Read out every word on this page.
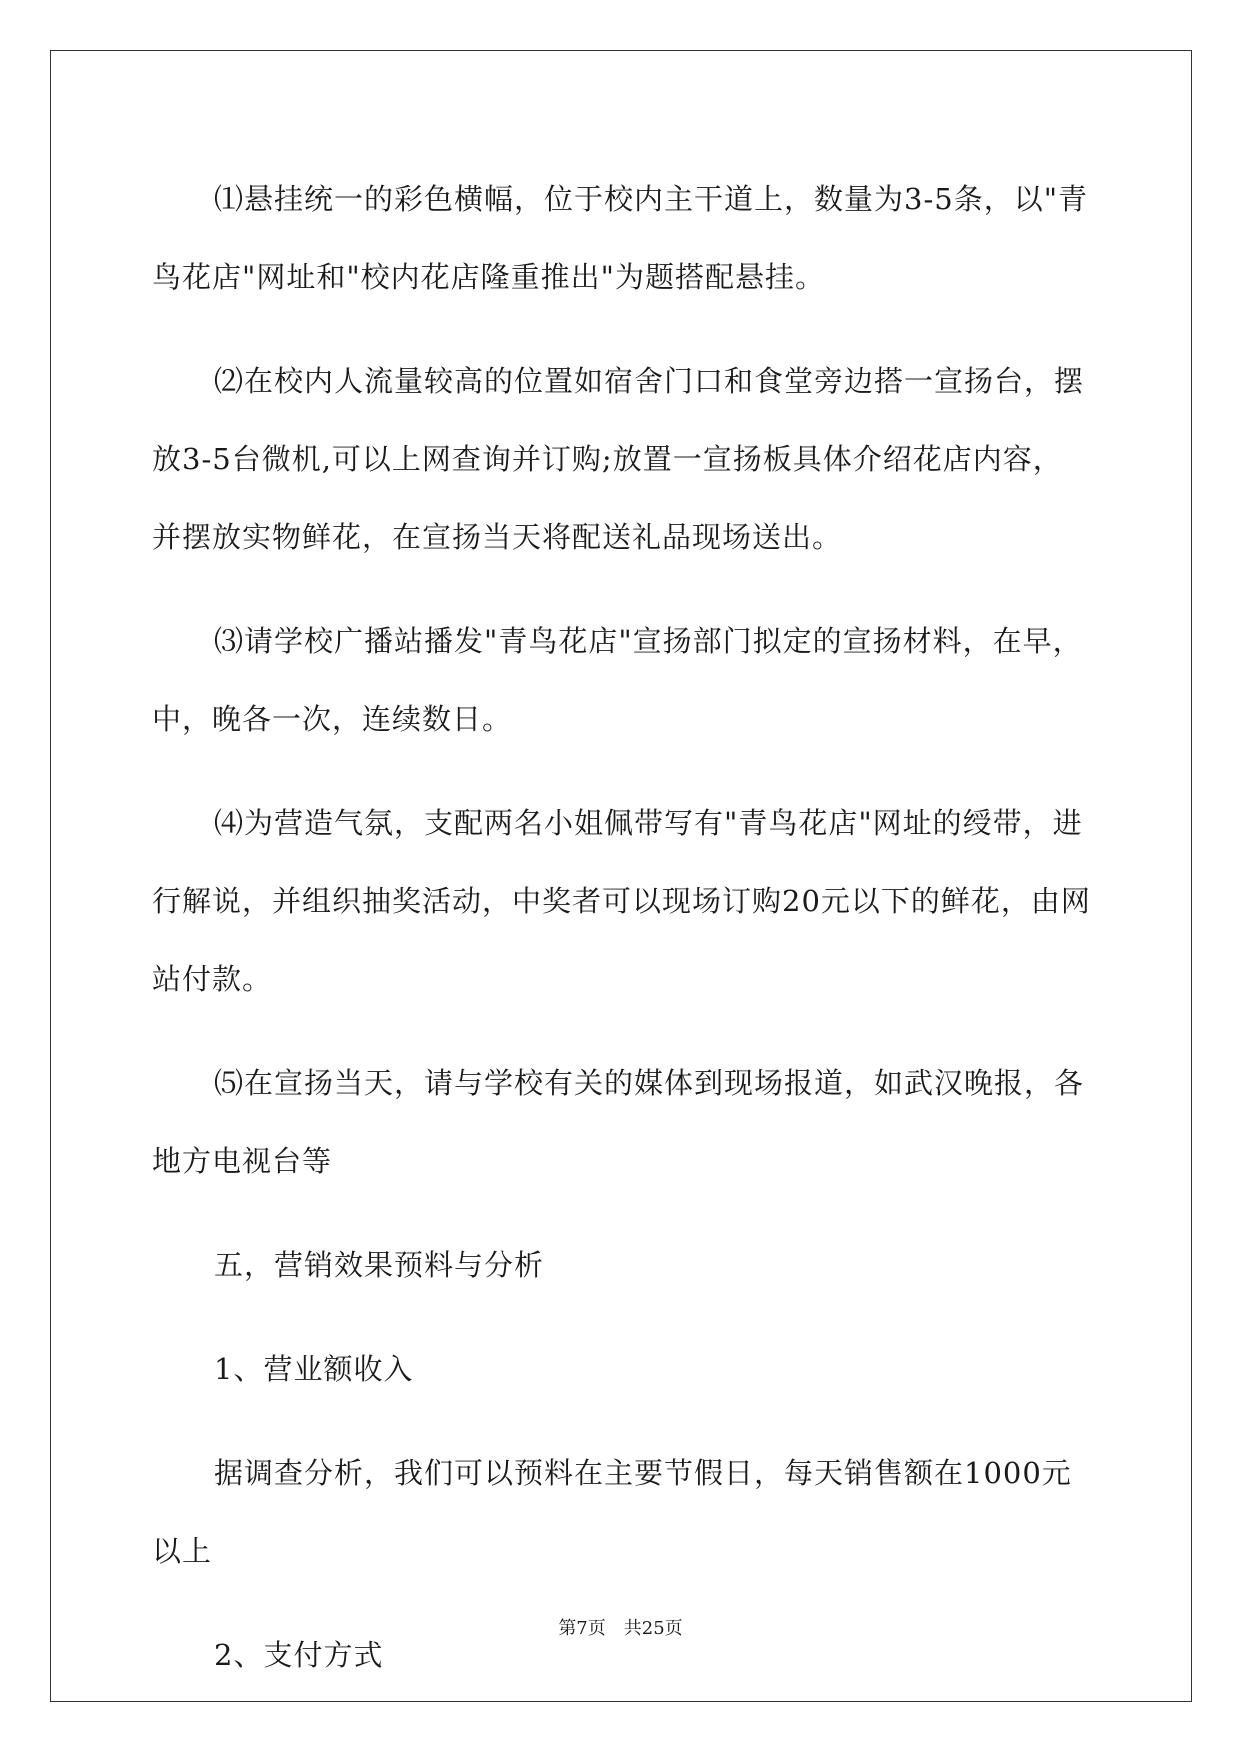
⑴悬挂统一的彩色横幅，位于校内主干道上，数量为3-5条，以"青鸟花店"网址和"校内花店隆重推出"为题搭配悬挂。

⑵在校内人流量较高的位置如宿舍门口和食堂旁边搭一宣扬台，摆放3-5台微机,可以上网查询并订购;放置一宣扬板具体介绍花店内容，并摆放实物鲜花，在宣扬当天将配送礼品现场送出。

⑶请学校广播站播发"青鸟花店"宣扬部门拟定的宣扬材料，在早，中，晚各一次，连续数日。

⑷为营造气氛，支配两名小姐佩带写有"青鸟花店"网址的绶带，进行解说，并组织抽奖活动，中奖者可以现场订购20元以下的鲜花，由网站付款。

⑸在宣扬当天，请与学校有关的媒体到现场报道，如武汉晚报，各地方电视台等

五，营销效果预料与分析

1、营业额收入

据调查分析，我们可以预料在主要节假日，每天销售额在1000元以上

2、支付方式

第7页 共25页
